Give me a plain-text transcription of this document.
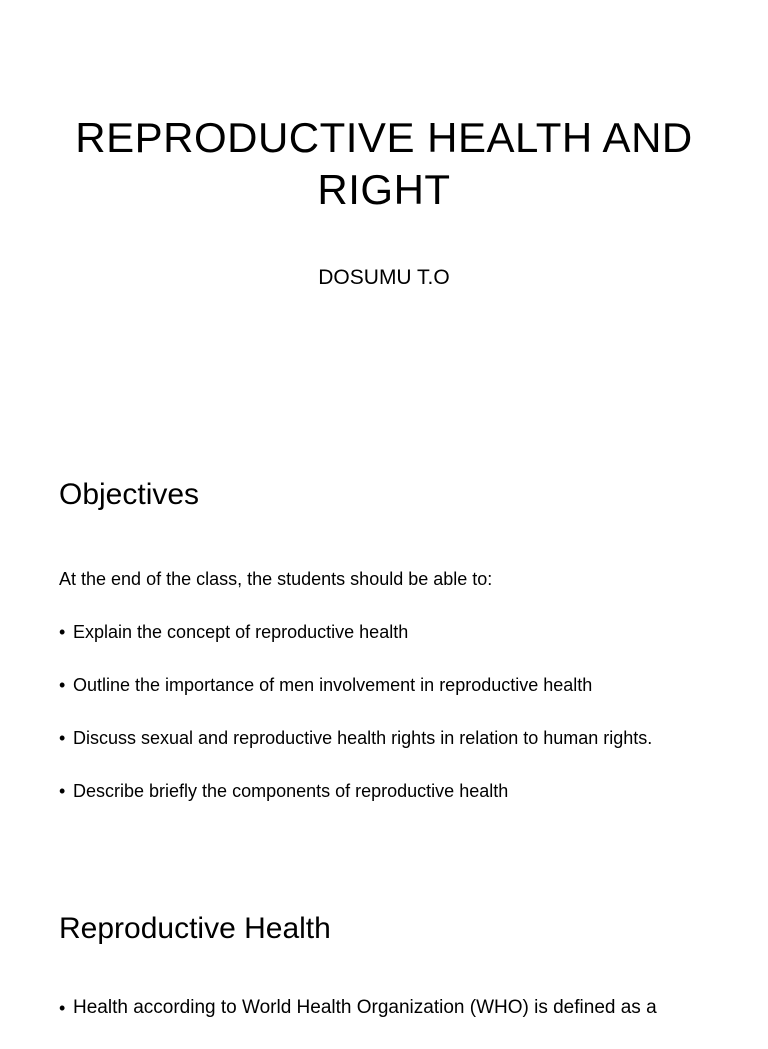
REPRODUCTIVE HEALTH AND RIGHT

DOSUMU T.O

Objectives

At the end of the class, the students should be able to:

• Explain the concept of reproductive health
• Outline the importance of men involvement in reproductive health
• Discuss sexual and reproductive health rights in relation to human rights.
• Describe briefly the components of reproductive health
Reproductive Health
• Health according to World Health Organization (WHO) is defined as a
